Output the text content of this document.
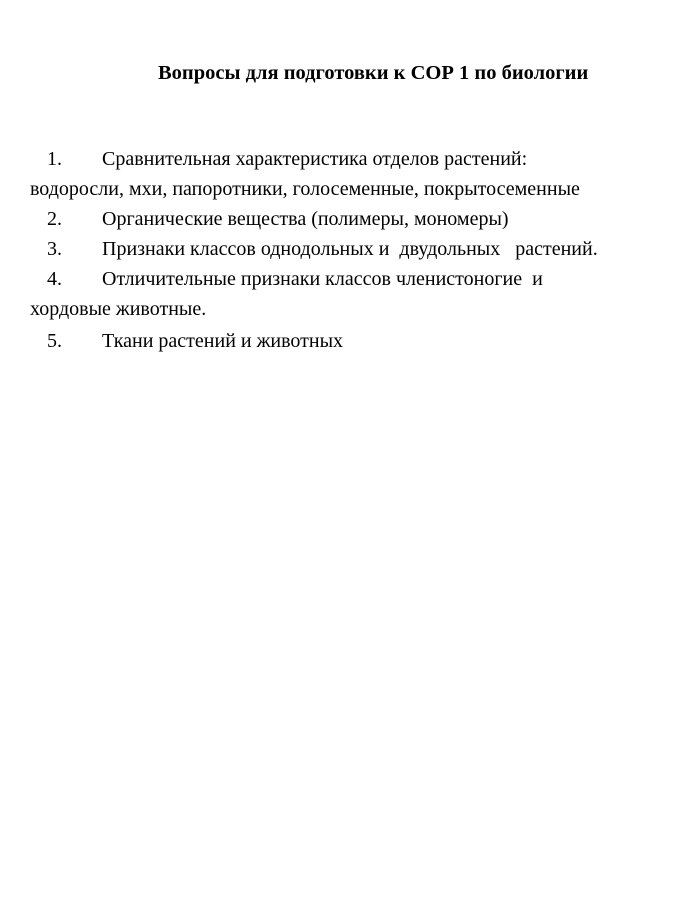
Вопросы для подготовки к СОР 1 по биологии
1. Сравнительная характеристика отделов растений:
водоросли, мхи, папоротники, голосеменные, покрытосеменные
2. Органические вещества (полимеры, мономеры)
3. Признаки классов однодольных и  двудольных   растений.
4. Отличительные признаки классов членистоногие  и
хордовые животные.
5. Ткани растений и животных
